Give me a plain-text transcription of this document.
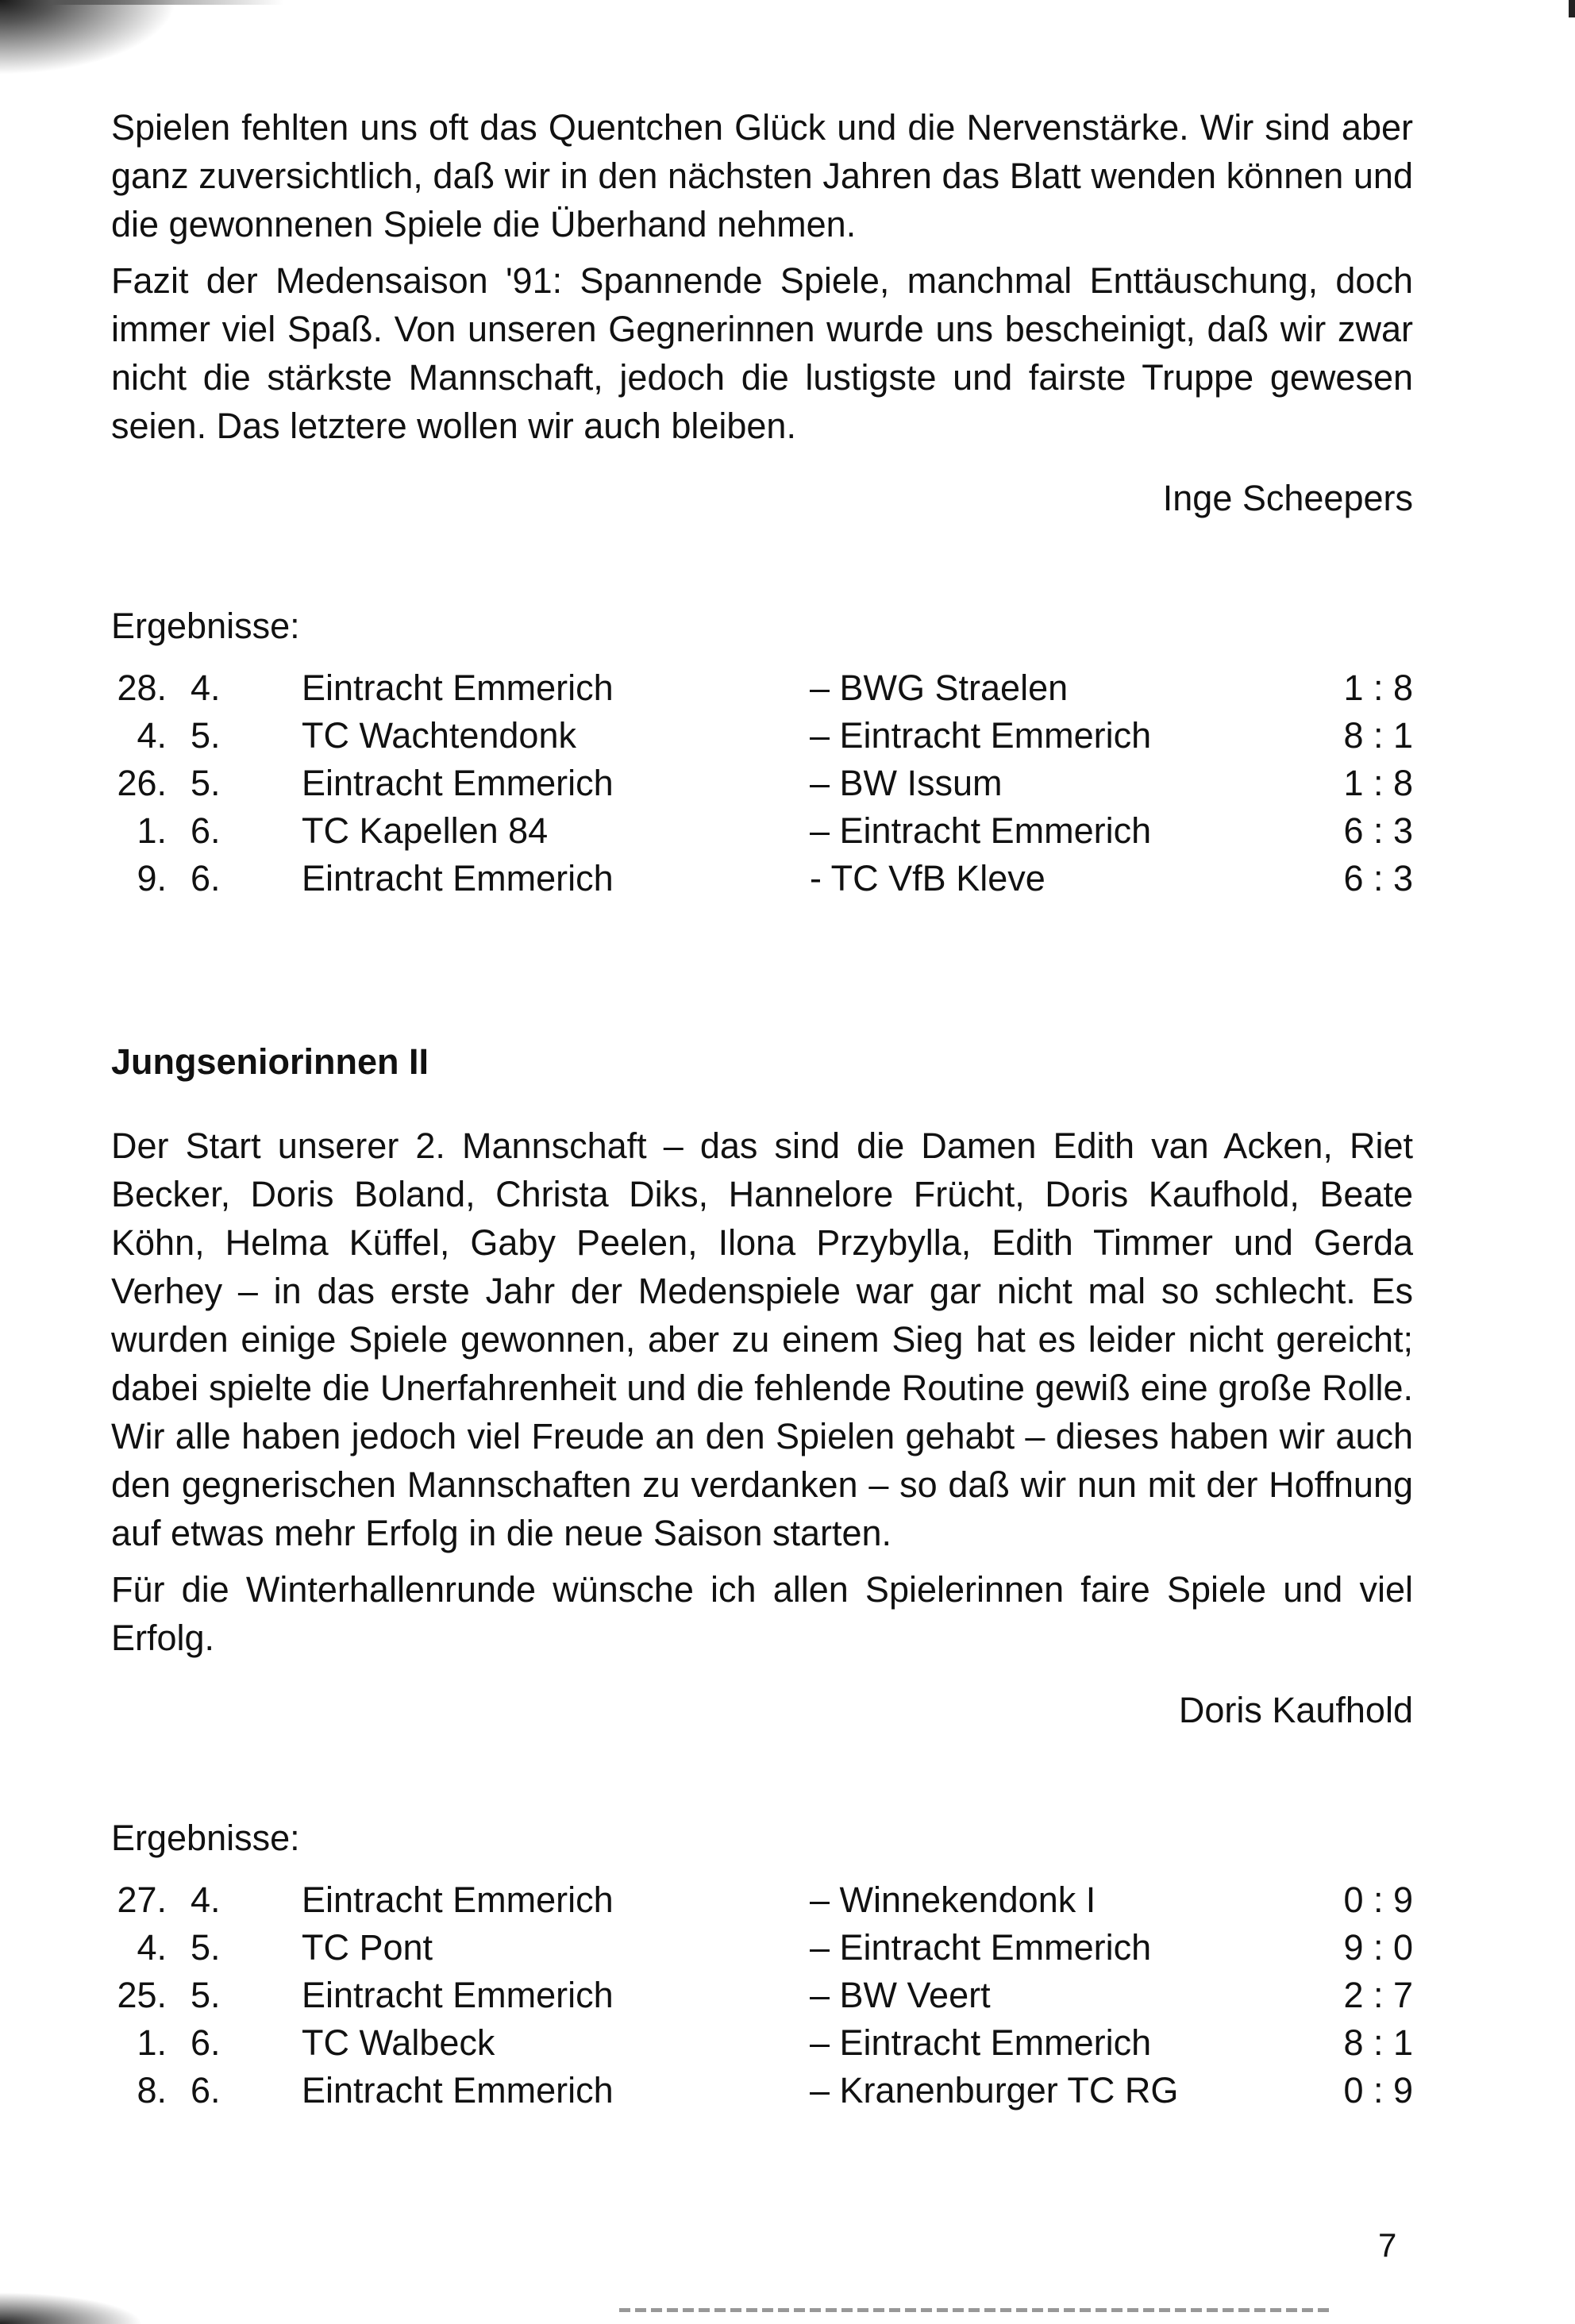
Spielen fehlten uns oft das Quentchen Glück und die Nervenstärke. Wir sind aber ganz zuversichtlich, daß wir in den nächsten Jahren das Blatt wenden können und die gewonnenen Spiele die Überhand nehmen.

Fazit der Medensaison '91: Spannende Spiele, manchmal Enttäuschung, doch immer viel Spaß. Von unseren Gegnerinnen wurde uns bescheinigt, daß wir zwar nicht die stärkste Mannschaft, jedoch die lustigste und fairste Truppe gewesen seien. Das letztere wollen wir auch bleiben.

Inge Scheepers

Ergebnisse:

28.	4.	Eintracht Emmerich	– BWG Straelen	1 : 8
4.	5.	TC Wachtendonk	– Eintracht Emmerich	8 : 1
26.	5.	Eintracht Emmerich	– BW Issum	1 : 8
1.	6.	TC Kapellen 84	– Eintracht Emmerich	6 : 3
9.	6.	Eintracht Emmerich	- TC VfB Kleve	6 : 3

Jungseniorinnen II

Der Start unserer 2. Mannschaft – das sind die Damen Edith van Acken, Riet Becker, Doris Boland, Christa Diks, Hannelore Frücht, Doris Kaufhold, Beate Köhn, Helma Küffel, Gaby Peelen, Ilona Przybylla, Edith Timmer und Gerda Verhey – in das erste Jahr der Medenspiele war gar nicht mal so schlecht. Es wurden einige Spiele gewonnen, aber zu einem Sieg hat es leider nicht gereicht; dabei spielte die Unerfahrenheit und die fehlende Routine gewiß eine große Rolle. Wir alle haben jedoch viel Freude an den Spielen gehabt – dieses haben wir auch den gegnerischen Mannschaften zu verdanken – so daß wir nun mit der Hoffnung auf etwas mehr Erfolg in die neue Saison starten.

Für die Winterhallenrunde wünsche ich allen Spielerinnen faire Spiele und viel Erfolg.

Doris Kaufhold

Ergebnisse:

27.	4.	Eintracht Emmerich	– Winnekendonk I	0 : 9
4.	5.	TC Pont	– Eintracht Emmerich	9 : 0
25.	5.	Eintracht Emmerich	– BW Veert	2 : 7
1.	6.	TC Walbeck	– Eintracht Emmerich	8 : 1
8.	6.	Eintracht Emmerich	– Kranenburger TC RG	0 : 9
7
